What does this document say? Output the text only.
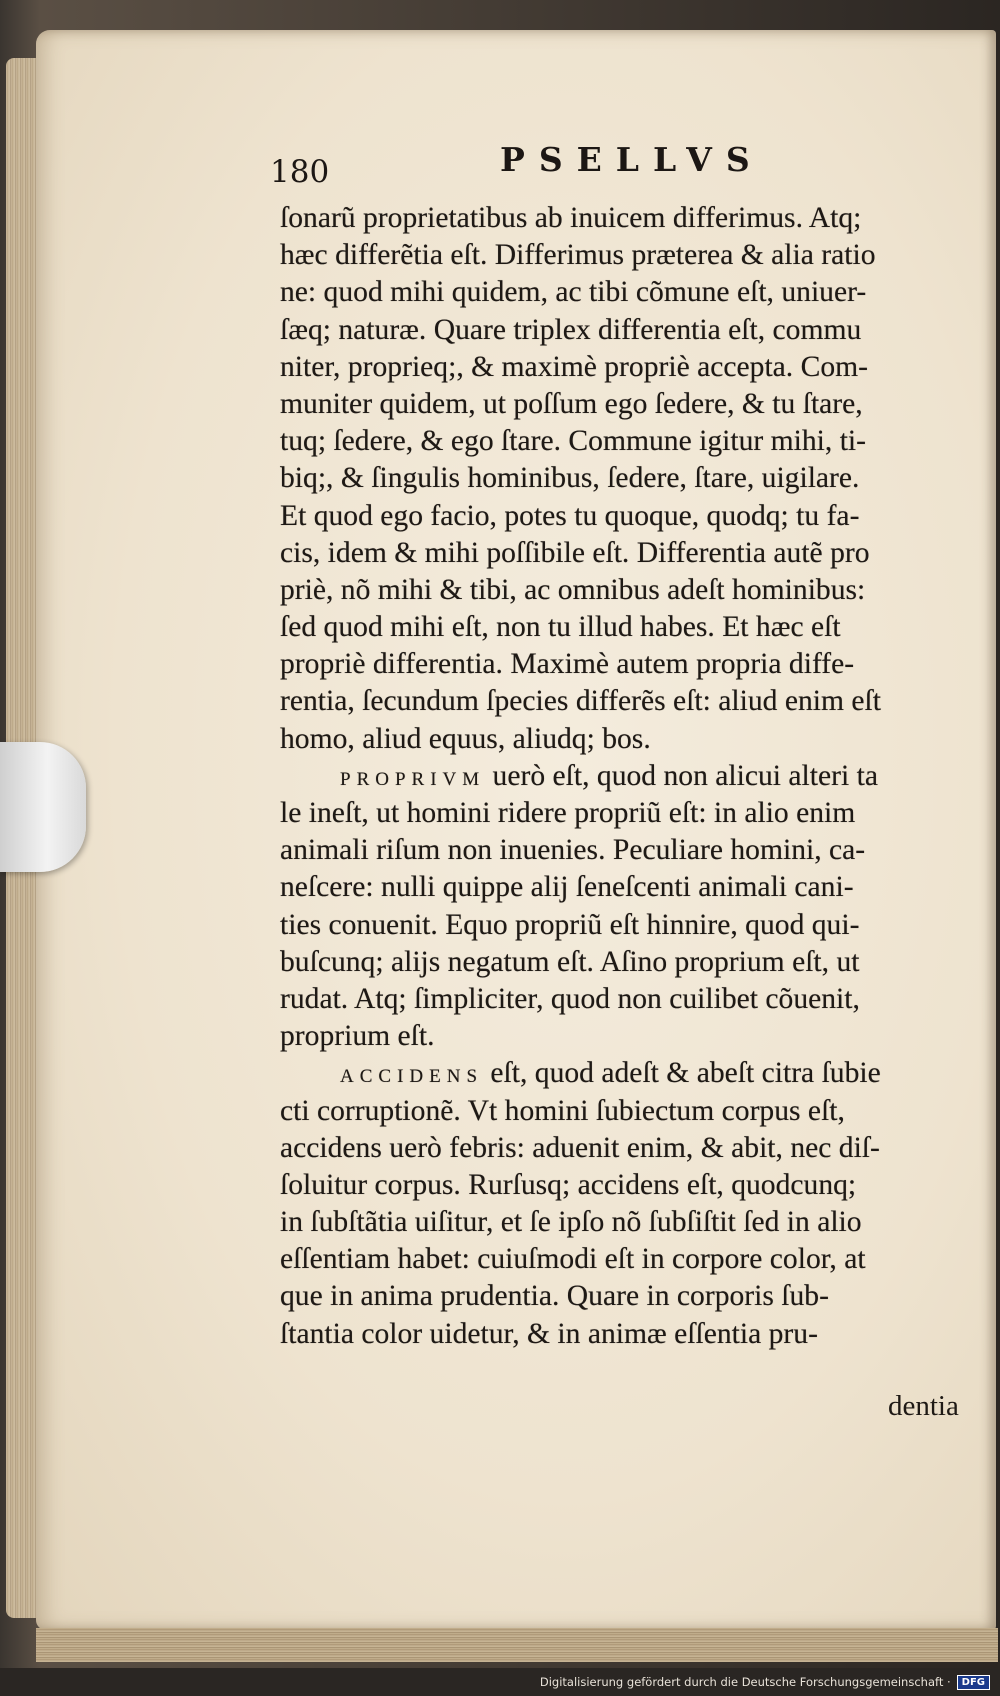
180	PSELLVS
ſonarũ proprietatibus ab inuicem differimus. Atq;
hæc differẽtia eſt. Differimus præterea & alia ratio
ne: quod mihi quidem, ac tibi cõmune eſt, uniuer-
ſæq; naturæ. Quare triplex differentia eſt, commu
niter, proprieq;, & maximè propriè accepta. Com-
muniter quidem, ut poſſum ego ſedere, & tu ſtare,
tuq; ſedere, & ego ſtare. Commune igitur mihi, ti-
biq;, & ſingulis hominibus, ſedere, ſtare, uigilare.
Et quod ego facio, potes tu quoque, quodq; tu fa-
cis, idem & mihi poſſibile eſt. Differentia autẽ pro
priè, nõ mihi & tibi, ac omnibus adeſt hominibus:
ſed quod mihi eſt, non tu illud habes. Et hæc eſt
propriè differentia. Maximè autem propria diffe-
rentia, ſecundum ſpecies differẽs eſt: aliud enim eſt
homo, aliud equus, aliudq; bos.
PROPRIVM uerò eſt, quod non alicui alteri ta
le ineſt, ut homini ridere propriũ eſt: in alio enim
animali riſum non inuenies. Peculiare homini, ca-
neſcere: nulli quippe alij ſeneſcenti animali cani-
ties conuenit. Equo propriũ eſt hinnire, quod qui-
buſcunq; alijs negatum eſt. Aſino proprium eſt, ut
rudat. Atq; ſimpliciter, quod non cuilibet cõuenit,
proprium eſt.
ACCIDENS eſt, quod adeſt & abeſt citra ſubie
cti corruptionẽ. Vt homini ſubiectum corpus eſt,
accidens uerò febris: aduenit enim, & abit, nec diſ-
ſoluitur corpus. Rurſusq; accidens eſt, quodcunq;
in ſubſtãtia uiſitur, et ſe ipſo nõ ſubſiſtit ſed in alio
eſſentiam habet: cuiuſmodi eſt in corpore color, at
que in anima prudentia. Quare in corporis ſub-
ſtantia color uidetur, & in animæ eſſentia pru-
dentia
Digitalisierung gefördert durch die Deutsche Forschungsgemeinschaft ·	DFG
